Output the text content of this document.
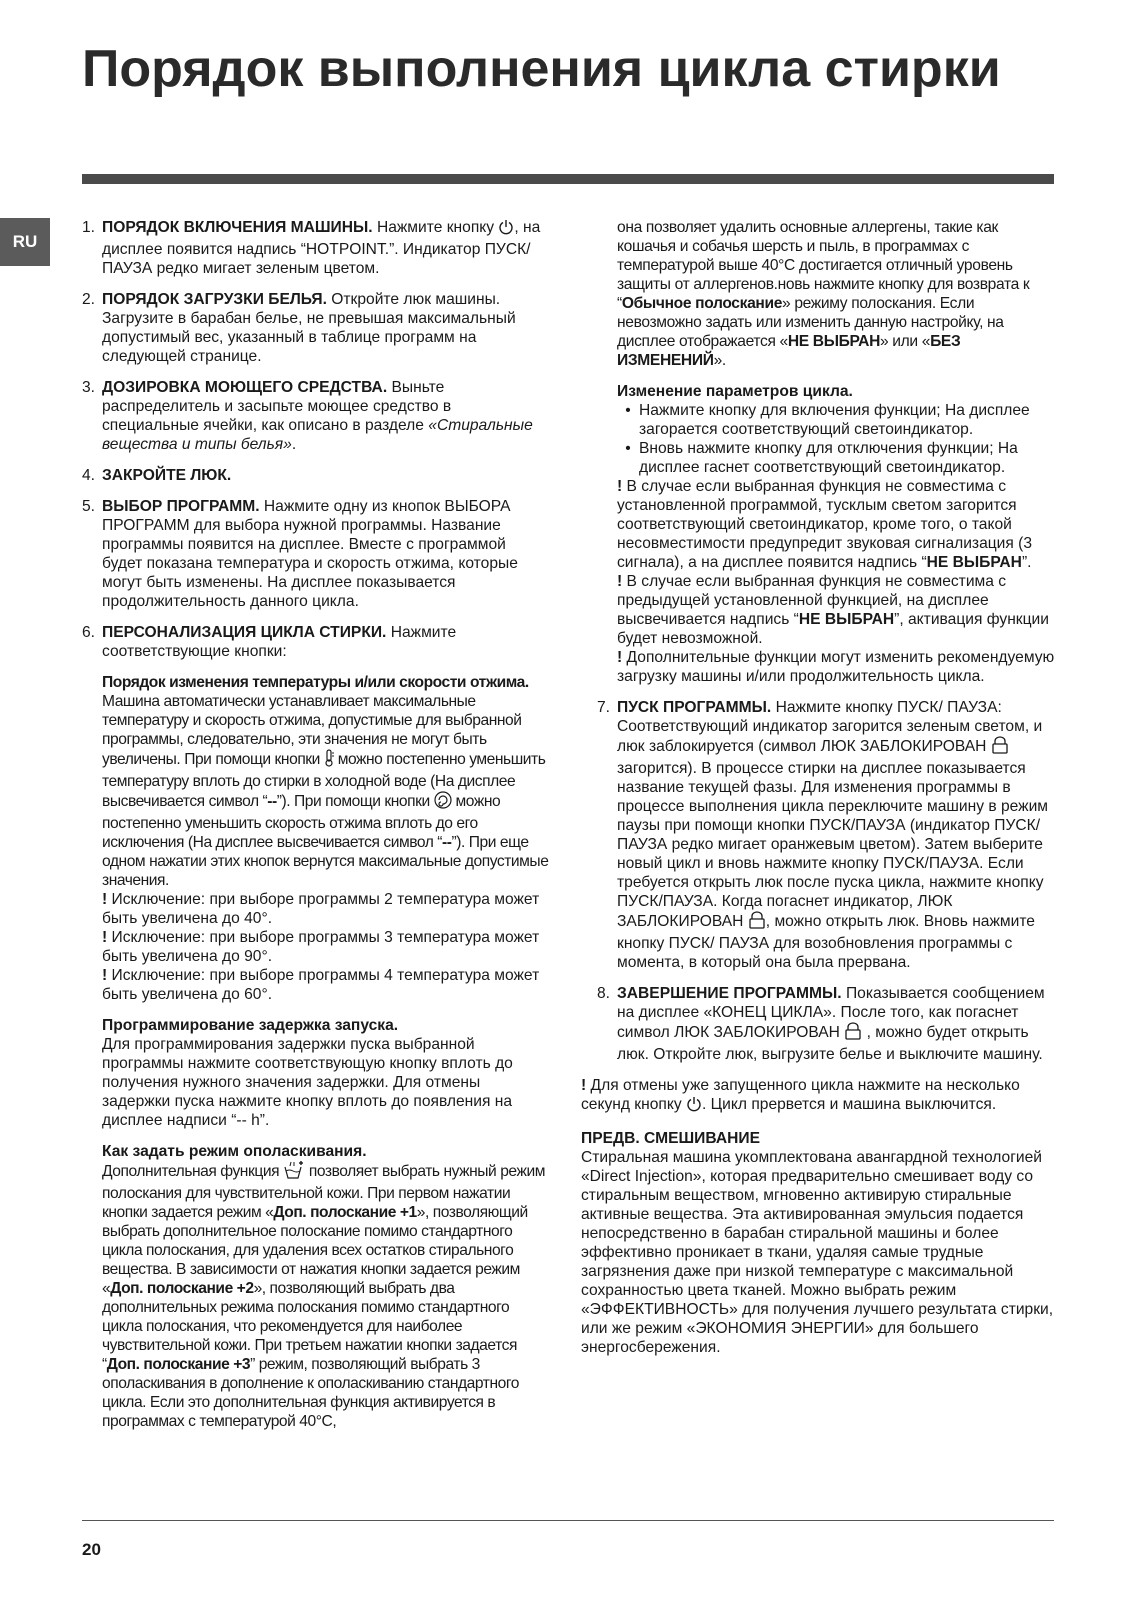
Порядок выполнения цикла стирки
RU
1. ПОРЯДОК ВКЛЮЧЕНИЯ МАШИНЫ. Нажмите кнопку , на дисплее появится надпись “HOTPOINT.”. Индикатор ПУСК/ПАУЗА редко мигает зеленым цветом.
2. ПОРЯДОК ЗАГРУЗКИ БЕЛЬЯ. Откройте люк машины. Загрузите в барабан белье, не превышая максимальный допустимый вес, указанный в таблице программ на следующей странице.
3. ДОЗИРОВКА МОЮЩЕГО СРЕДСТВА. Выньте распределитель и засыпьте моющее средство в специальные ячейки, как описано в разделе «Стиральные вещества и типы белья».
4. ЗАКРОЙТЕ ЛЮК.
5. ВЫБОР ПРОГРАММ. Нажмите одну из кнопок ВЫБОРА ПРОГРАММ для выбора нужной программы. Название программы появится на дисплее. Вместе с программой будет показана температура и скорость отжима, которые могут быть изменены. На дисплее показывается продолжительность данного цикла.
6. ПЕРСОНАЛИЗАЦИЯ ЦИКЛА СТИРКИ. Нажмите соответствующие кнопки:
Порядок изменения температуры и/или скорости отжима. Машина автоматически устанавливает максимальные температуру и скорость отжима, допустимые для выбранной программы, следовательно, эти значения не могут быть увеличены. При помощи кнопки  можно постепенно уменьшить температуру вплоть до стирки в холодной воде (На дисплее высвечивается символ “--”). При помощи кнопки  можно постепенно уменьшить скорость отжима вплоть до его исключения (На дисплее высвечивается символ “--”). При еще одном нажатии этих кнопок вернутся максимальные допустимые значения.
! Исключение: при выборе программы 2 температура может быть увеличена до 40°.
! Исключение: при выборе программы 3 температура может быть увеличена до 90°.
! Исключение: при выборе программы 4 температура может быть увеличена до 60°.
Программирование задержка запуска.
Для программирования задержки пуска выбранной программы нажмите соответствующую кнопку вплоть до получения нужного значения задержки. Для отмены задержки пуска нажмите кнопку вплоть до появления на дисплее надписи “-- h”.
Как задать режим ополаскивания.
Дополнительная функция  позволяет выбрать нужный режим полоскания для чувствительной кожи. При первом нажатии кнопки задается режим «Доп. полоскание +1», позволяющий выбрать дополнительное полоскание помимо стандартного цикла полоскания, для удаления всех остатков стирального вещества. В зависимости от нажатия кнопки задается режим «Доп. полоскание +2», позволяющий выбрать два дополнительных режима полоскания помимо стандартного цикла полоскания, что рекомендуется для наиболее чувствительной кожи. При третьем нажатии кнопки задается “Доп. полоскание +3” режим, позволяющий выбрать 3 ополаскивания в дополнение к ополаскиванию стандартного цикла. Если это дополнительная функция активируется в программах с температурой 40°C,
она позволяет удалить основные аллергены, такие как кошачья и собачья шерсть и пыль, в программах с температурой выше 40°C достигается отличный уровень защиты от аллергенов.новь нажмите кнопку для возврата к “Обычное полоскание» режиму полоскания. Если невозможно задать или изменить данную настройку, на дисплее отображается «НЕ ВЫБРАН» или «БЕЗ ИЗМЕНЕНИЙ».
Изменение параметров цикла.
• Нажмите кнопку для включения функции; На дисплее загорается соответствующий светоиндикатор.
• Вновь нажмите кнопку для отключения функции; На дисплее гаснет соответствующий светоиндикатор.
! В случае если выбранная функция не совместима с установленной программой, тусклым светом загорится соответствующий светоиндикатор, кроме того, о такой несовместимости предупредит звуковая сигнализация (3 сигнала), а на дисплее появится надпись “НЕ ВЫБРАН”.
! В случае если выбранная функция не совместима с предыдущей установленной функцией, на дисплее высвечивается надпись “НЕ ВЫБРАН”, активация функции будет невозможной.
! Дополнительные функции могут изменить рекомендуемую загрузку машины и/или продолжительность цикла.
7. ПУСК ПРОГРАММЫ. Нажмите кнопку ПУСК/ ПАУЗА: Соответствующий индикатор загорится зеленым светом, и люк заблокируется (символ ЛЮК ЗАБЛОКИРОВАН  загорится). В процессе стирки на дисплее показывается название текущей фазы. Для изменения программы в процессе выполнения цикла переключите машину в режим паузы при помощи кнопки ПУСК/ПАУЗА (индикатор ПУСК/ ПАУЗА редко мигает оранжевым цветом). Затем выберите новый цикл и вновь нажмите кнопку ПУСК/ПАУЗА. Если требуется открыть люк после пуска цикла, нажмите кнопку ПУСК/ПАУЗА. Когда погаснет индикатор, ЛЮК ЗАБЛОКИРОВАН , можно открыть люк. Вновь нажмите кнопку ПУСК/ ПАУЗА для возобновления программы с момента, в который она была прервана.
8. ЗАВЕРШЕНИЕ ПРОГРАММЫ. Показывается сообщением на дисплее «КОНЕЦ ЦИКЛА». После того, как погаснет символ ЛЮК ЗАБЛОКИРОВАН  , можно будет открыть люк. Откройте люк, выгрузите белье и выключите машину.
! Для отмены уже запущенного цикла нажмите на несколько секунд кнопку . Цикл прервется и машина выключится.
ПРЕДВ. СМЕШИВАНИЕ
Стиральная машина укомплектована авангардной технологией «Direct Injection», которая предварительно смешивает воду со стиральным веществом, мгновенно активирую стиральные активные вещества. Эта активированная эмульсия подается непосредственно в барабан стиральной машины и более эффективно проникает в ткани, удаляя самые трудные загрязнения даже при низкой температуре с максимальной сохранностью цвета тканей. Можно выбрать режим «ЭФФЕКТИВНОСТЬ» для получения лучшего результата стирки, или же режим «ЭКОНОМИЯ ЭНЕРГИИ» для большего энергосбережения.
20
